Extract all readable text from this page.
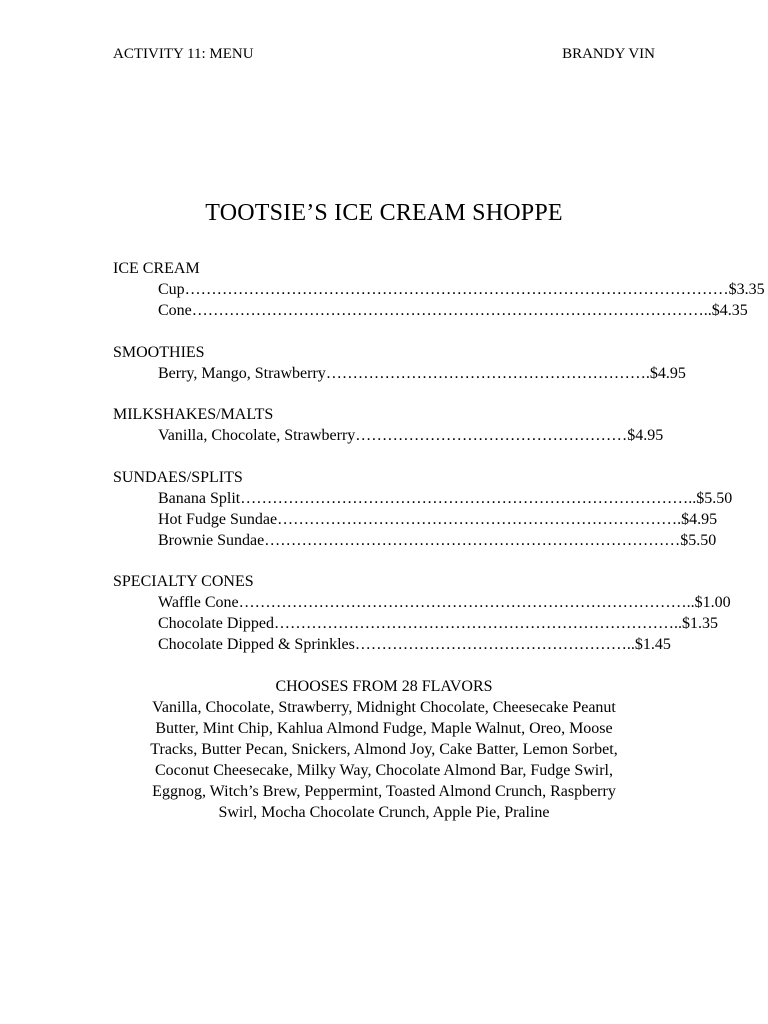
ACTIVITY 11: MENU	BRANDY VIN
TOOTSIE’S ICE CREAM SHOPPE
ICE CREAM
Cup…………………………………………………………………………………………$3.35
Cone……………………………………………………………………………………..$4.35
SMOOTHIES
Berry, Mango, Strawberry…………………………………………………….$4.95
MILKSHAKES/MALTS
Vanilla, Chocolate, Strawberry……………………………………………$4.95
SUNDAES/SPLITS
Banana Split…………………………………………………………………………..$5.50
Hot Fudge Sundae………………………………………………………………….$4.95
Brownie Sundae……………………………………………………………………$5.50
SPECIALTY CONES
Waffle Cone…………………………………………………………………………..$1.00
Chocolate Dipped…………………………………………………………………..$1.35
Chocolate Dipped & Sprinkles……………………………………………..$1.45
CHOOSES FROM 28 FLAVORS
Vanilla, Chocolate, Strawberry, Midnight Chocolate, Cheesecake Peanut
Butter, Mint Chip, Kahlua Almond Fudge, Maple Walnut, Oreo, Moose
Tracks, Butter Pecan, Snickers, Almond Joy, Cake Batter, Lemon Sorbet,
Coconut Cheesecake, Milky Way, Chocolate Almond Bar, Fudge Swirl,
Eggnog, Witch’s Brew, Peppermint, Toasted Almond Crunch, Raspberry
Swirl, Mocha Chocolate Crunch, Apple Pie, Praline
